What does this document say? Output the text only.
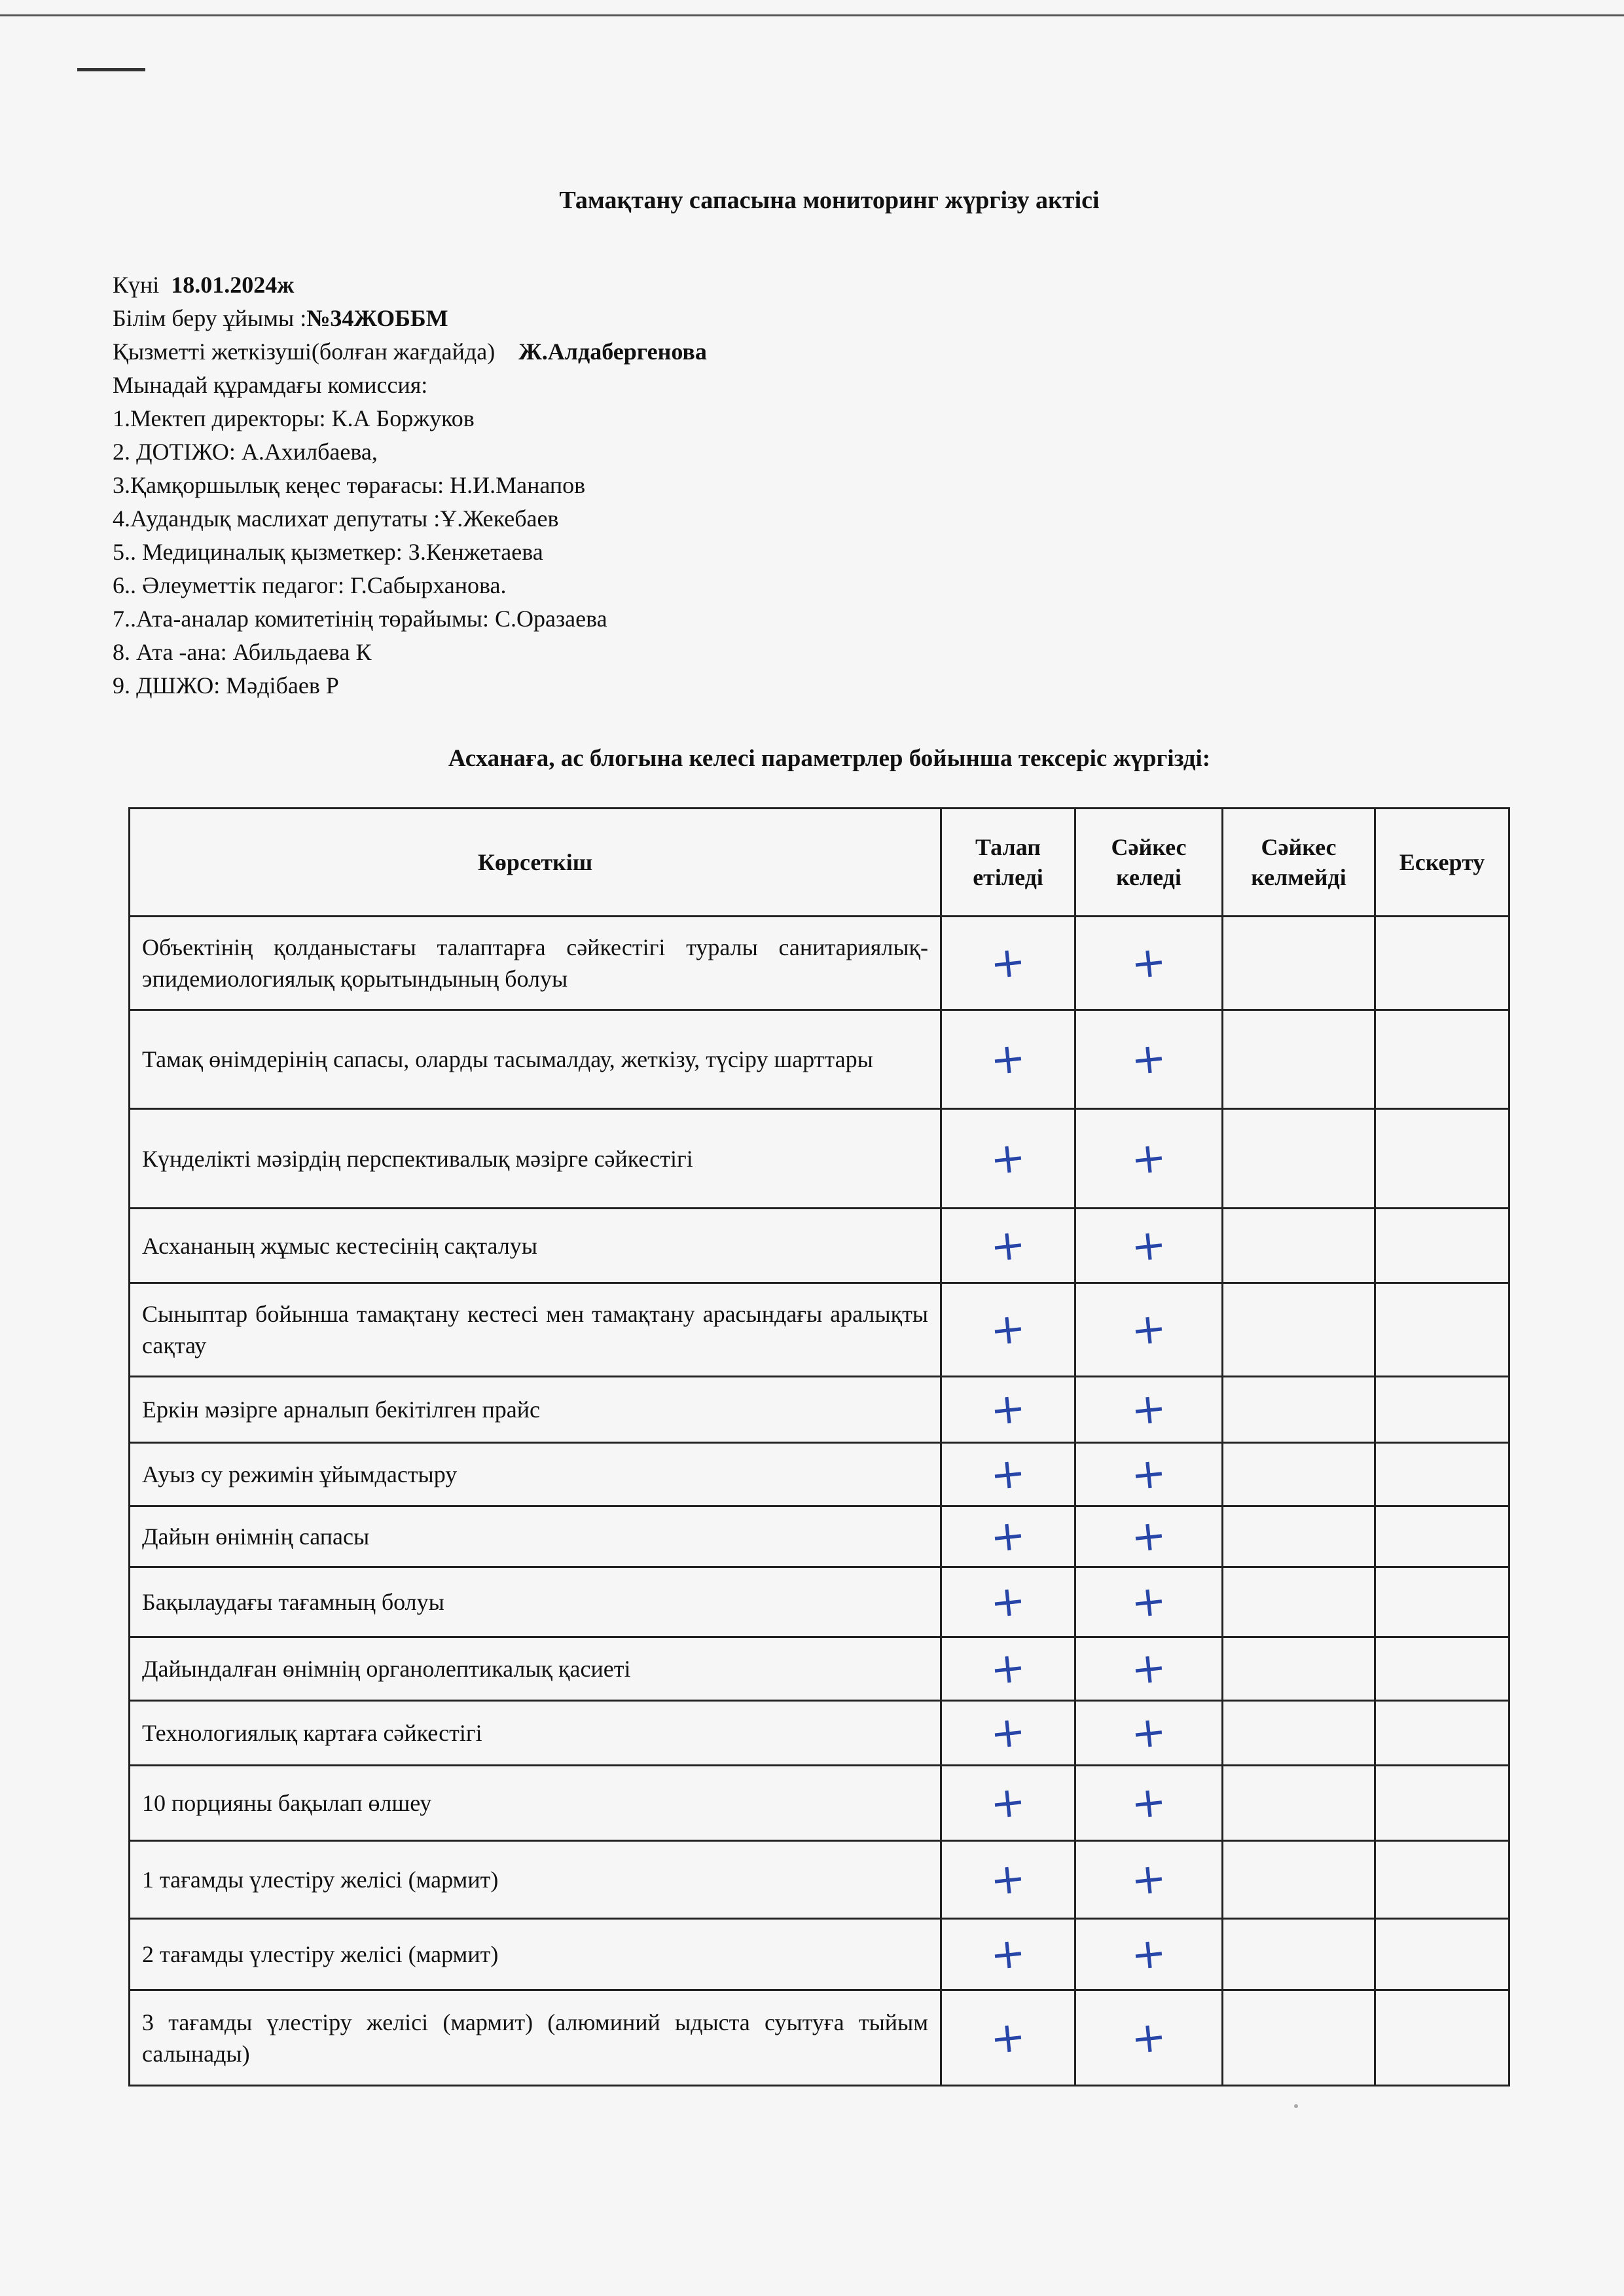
Тамақтану сапасына мониторинг жүргізу актісі
Күні 18.01.2024ж
Білім беру ұйымы :№34ЖОББМ
Қызметті жеткізуші(болған жағдайда) Ж.Алдабергенова
Мынадай құрамдағы комиссия:
1.Мектеп директоры: К.А Боржуков
2. ДОТІЖО: А.Ахилбаева,
3.Қамқоршылық кеңес төрағасы: Н.И.Манапов
4.Аудандық маслихат депутаты :Ұ.Жекебаев
5.. Медициналық қызметкер: З.Кенжетаева
6.. Әлеуметтік педагог: Г.Сабырханова.
7..Ата-аналар комитетінің төрайымы: С.Оразаева
8. Ата -ана: Абильдаева К
9. ДШЖО: Мәдібаев Р
Асханаға, ас блогына келесі параметрлер бойынша тексеріс жүргізді:
Көрсеткіш	Талап етіледі	Сәйкес келеді	Сәйкес келмейді	Ескерту
Объектінің қолданыстағы талаптарға сәйкестігі туралы санитариялық-эпидемиологиялық қорытындының болуы	+	+		
Тамақ өнімдерінің сапасы, оларды тасымалдау, жеткізу, түсіру шарттары	+	+		
Күнделікті мәзірдің перспективалық мәзірге сәйкестігі	+	+		
Асхананың жұмыс кестесінің сақталуы	+	+		
Сыныптар бойынша тамақтану кестесі мен тамақтану арасындағы аралықты сақтау	+	+		
Еркін мәзірге арналып бекітілген прайс	+	+		
Ауыз су режимін ұйымдастыру	+	+		
Дайын өнімнің сапасы	+	+		
Бақылаудағы тағамның болуы	+	+		
Дайындалған өнімнің органолептикалық қасиеті	+	+		
Технологиялық картаға сәйкестігі	+	+		
10 порцияны бақылап өлшеу	+	+		
1 тағамды үлестіру желісі (мармит)	+	+		
2 тағамды үлестіру желісі (мармит)	+	+		
3 тағамды үлестіру желісі (мармит) (алюминий ыдыста суытуға тыйым салынады)	+	+		
